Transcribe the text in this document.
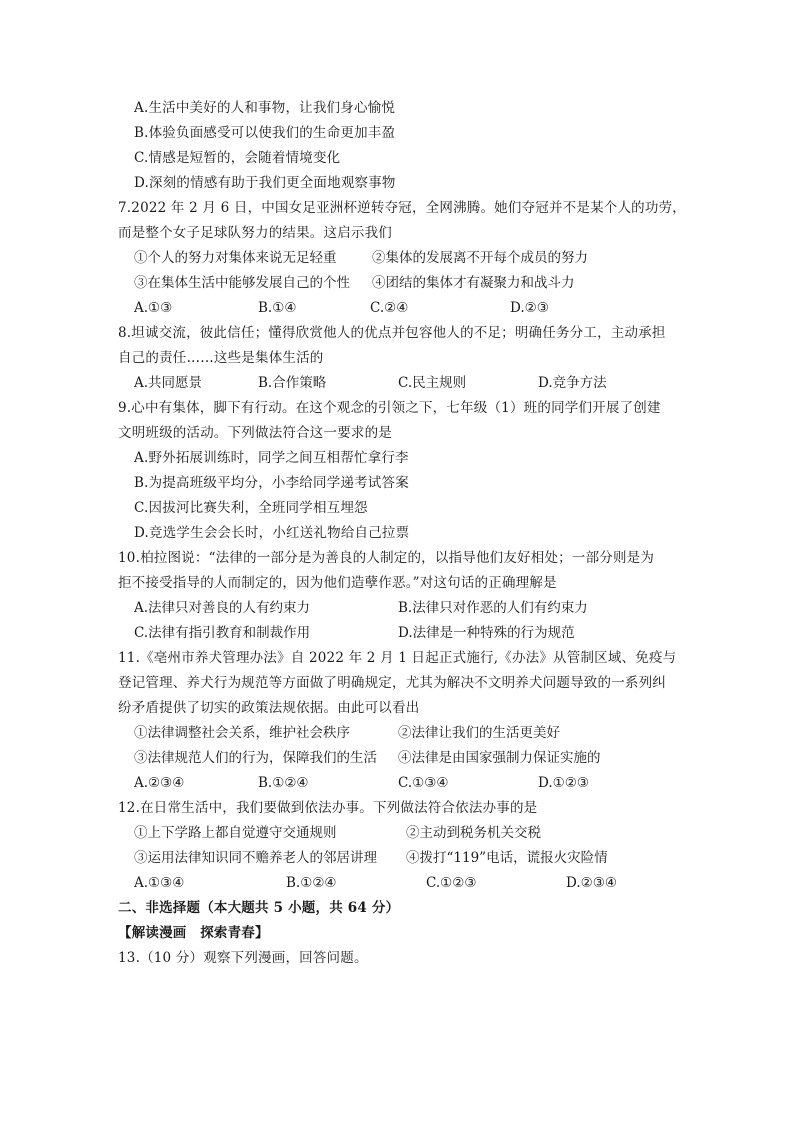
A.生活中美好的人和事物，让我们身心愉悦
B.体验负面感受可以使我们的生命更加丰盈
C.情感是短暂的，会随着情境变化
D.深刻的情感有助于我们更全面地观察事物
7.2022 年 2 月 6 日，中国女足亚洲杯逆转夺冠，全网沸腾。她们夺冠并不是某个人的功劳，
而是整个女子足球队努力的结果。这启示我们
①个人的努力对集体来说无足轻重	②集体的发展离不开每个成员的努力
③在集体生活中能够发展自己的个性 ④团结的集体才有凝聚力和战斗力
A.①③	B.①④	C.②④	D.②③
8.坦诚交流，彼此信任；懂得欣赏他人的优点并包容他人的不足；明确任务分工，主动承担
自己的责任……这些是集体生活的
A.共同愿景	B.合作策略	C.民主规则	D.竞争方法
9.心中有集体，脚下有行动。在这个观念的引领之下，七年级（1）班的同学们开展了创建
文明班级的活动。下列做法符合这一要求的是
A.野外拓展训练时，同学之间互相帮忙拿行李
B.为提高班级平均分，小李给同学递考试答案
C.因拔河比赛失利，全班同学相互埋怨
D.竞选学生会会长时，小红送礼物给自己拉票
10.柏拉图说：“法律的一部分是为善良的人制定的，以指导他们友好相处；一部分则是为
拒不接受指导的人而制定的，因为他们造孽作恶。”对这句话的正确理解是
A.法律只对善良的人有约束力	B.法律只对作恶的人们有约束力
C.法律有指引教育和制裁作用	D.法律是一种特殊的行为规范
11.《亳州市养犬管理办法》自 2022 年 2 月 1 日起正式施行,《办法》从管制区域、免疫与
登记管理、养犬行为规范等方面做了明确规定，尤其为解决不文明养犬问题导致的一系列纠
纷矛盾提供了切实的政策法规依据。由此可以看出
①法律调整社会关系，维护社会秩序	②法律让我们的生活更美好
③法律规范人们的行为，保障我们的生活 ④法律是由国家强制力保证实施的
A.②③④	B.①②④	C.①③④	D.①②③
12.在日常生活中，我们要做到依法办事。下列做法符合依法办事的是
①上下学路上都自觉遵守交通规则	②主动到税务机关交税
③运用法律知识同不赡养老人的邻居讲理 ④拨打“119”电话，谎报火灾险情
A.①③④	B.①②④	C.①②③	D.②③④
二、非选择题（本大题共 5 小题，共 64 分）
【解读漫画　探索青春】
13.（10 分）观察下列漫画，回答问题。
